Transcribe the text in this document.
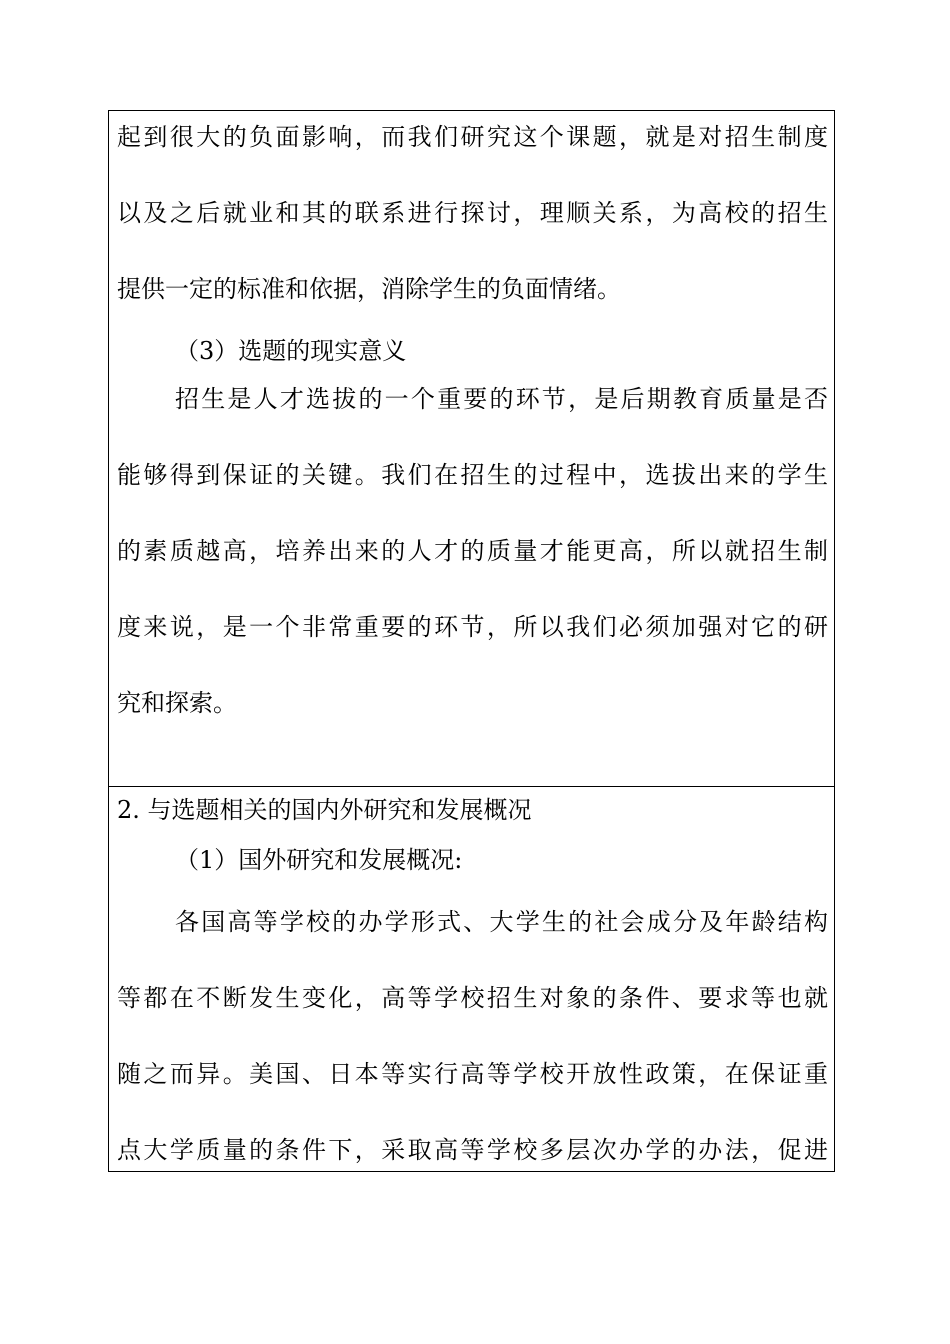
起到很大的负面影响，而我们研究这个课题，就是对招生制度
以及之后就业和其的联系进行探讨，理顺关系，为高校的招生
提供一定的标准和依据，消除学生的负面情绪。
（3）选题的现实意义
招生是人才选拔的一个重要的环节，是后期教育质量是否
能够得到保证的关键。我们在招生的过程中，选拔出来的学生
的素质越高，培养出来的人才的质量才能更高，所以就招生制
度来说，是一个非常重要的环节，所以我们必须加强对它的研
究和探索。
2. 与选题相关的国内外研究和发展概况
（1）国外研究和发展概况:
各国高等学校的办学形式、大学生的社会成分及年龄结构
等都在不断发生变化，高等学校招生对象的条件、要求等也就
随之而异。美国、日本等实行高等学校开放性政策，在保证重
点大学质量的条件下，采取高等学校多层次办学的办法，促进
